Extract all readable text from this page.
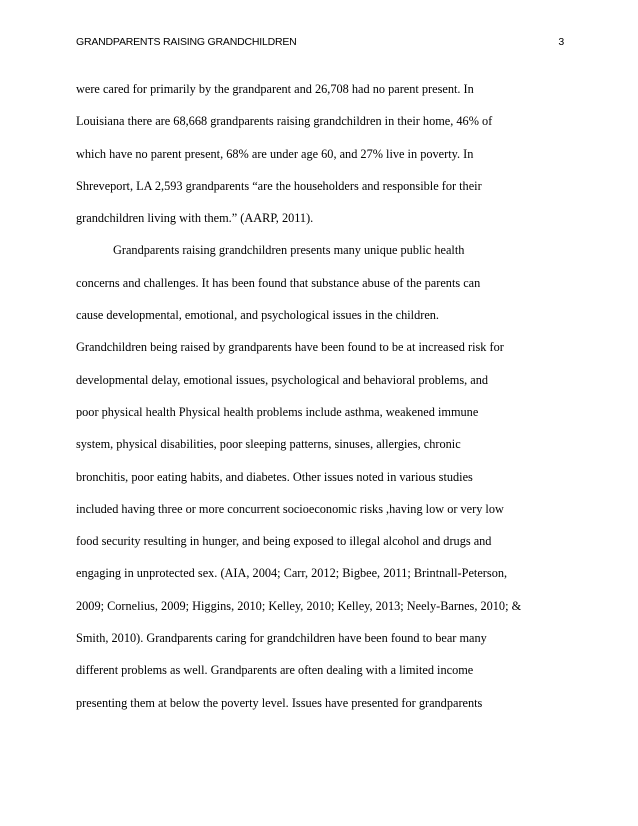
GRANDPARENTS RAISING GRANDCHILDREN	3
were cared for primarily by the grandparent and 26,708 had no parent present. In
Louisiana there are 68,668 grandparents raising grandchildren in their home, 46% of
which have no parent present, 68% are under age 60, and 27% live in poverty. In
Shreveport, LA 2,593 grandparents “are the householders and responsible for their
grandchildren living with them.” (AARP, 2011).
Grandparents raising grandchildren presents many unique public health
concerns and challenges. It has been found that substance abuse of the parents can
cause developmental, emotional, and psychological issues in the children.
Grandchildren being raised by grandparents have been found to be at increased risk for
developmental delay, emotional issues, psychological and behavioral problems, and
poor physical health Physical health problems include asthma, weakened immune
system, physical disabilities, poor sleeping patterns, sinuses, allergies, chronic
bronchitis, poor eating habits, and diabetes. Other issues noted in various studies
included having three or more concurrent socioeconomic risks ,having low or very low
food security resulting in hunger, and being exposed to illegal alcohol and drugs and
engaging in unprotected sex. (AIA, 2004; Carr, 2012; Bigbee, 2011; Brintnall-Peterson,
2009; Cornelius, 2009; Higgins, 2010; Kelley, 2010; Kelley, 2013; Neely-Barnes, 2010; &
Smith, 2010). Grandparents caring for grandchildren have been found to bear many
different problems as well. Grandparents are often dealing with a limited income
presenting them at below the poverty level. Issues have presented for grandparents
